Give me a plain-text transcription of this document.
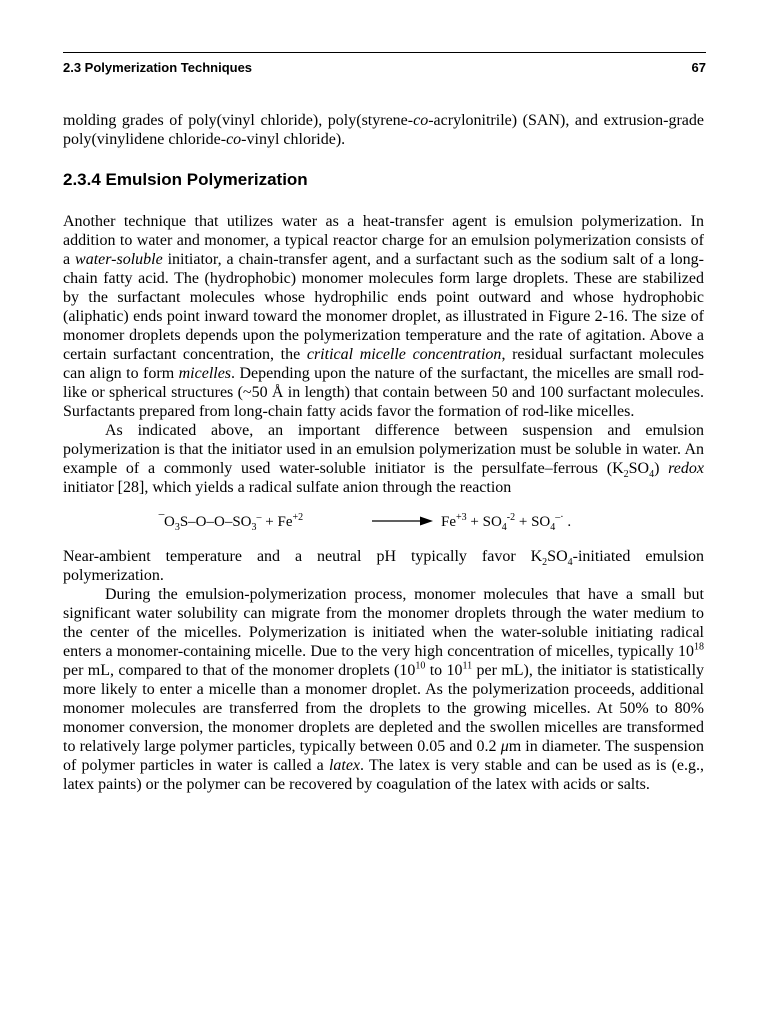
2.3 Polymerization Techniques	67

molding grades of poly(vinyl chloride), poly(styrene-co-acrylonitrile) (SAN), and extrusion-grade poly(vinylidene chloride-co-vinyl chloride).

2.3.4 Emulsion Polymerization

Another technique that utilizes water as a heat-transfer agent is emulsion polymerization. In addition to water and monomer, a typical reactor charge for an emulsion polymerization consists of a water-soluble initiator, a chain-transfer agent, and a surfactant such as the sodium salt of a long-chain fatty acid. The (hydrophobic) monomer molecules form large droplets. These are stabilized by the surfactant molecules whose hydrophilic ends point outward and whose hydrophobic (aliphatic) ends point inward toward the monomer droplet, as illustrated in Figure 2-16. The size of monomer droplets depends upon the polymerization temperature and the rate of agitation. Above a certain surfactant concentration, the critical micelle concentration, residual surfactant molecules can align to form micelles. Depending upon the nature of the surfactant, the micelles are small rod-like or spherical structures (~50 Å in length) that contain between 50 and 100 surfactant molecules. Surfactants prepared from long-chain fatty acids favor the formation of rod-like micelles.

As indicated above, an important difference between suspension and emulsion polymerization is that the initiator used in an emulsion polymerization must be soluble in water. An example of a commonly used water-soluble initiator is the persulfate–ferrous $(K_2SO_4)$ redox initiator [28], which yields a radical sulfate anion through the reaction

$‾O_3S-O-O-SO_3^- + Fe^{+2}$	$Fe^{+3} + SO_4^{-2} + SO_4^{-\cdot}$ .

Near-ambient temperature and a neutral pH typically favor $K_2SO_4$-initiated emulsion polymerization.

During the emulsion-polymerization process, monomer molecules that have a small but significant water solubility can migrate from the monomer droplets through the water medium to the center of the micelles. Polymerization is initiated when the water-soluble initiating radical enters a monomer-containing micelle. Due to the very high concentration of micelles, typically $10^{18}$ per mL, compared to that of the monomer droplets ($10^{10}$ to $10^{11}$ per mL), the initiator is statistically more likely to enter a micelle than a monomer droplet. As the polymerization proceeds, additional monomer molecules are transferred from the droplets to the growing micelles. At 50% to 80% monomer conversion, the monomer droplets are depleted and the swollen micelles are transformed to relatively large polymer particles, typically between 0.05 and 0.2 μm in diameter. The suspension of polymer particles in water is called a latex. The latex is very stable and can be used as is (e.g., latex paints) or the polymer can be recovered by coagulation of the latex with acids or salts.
